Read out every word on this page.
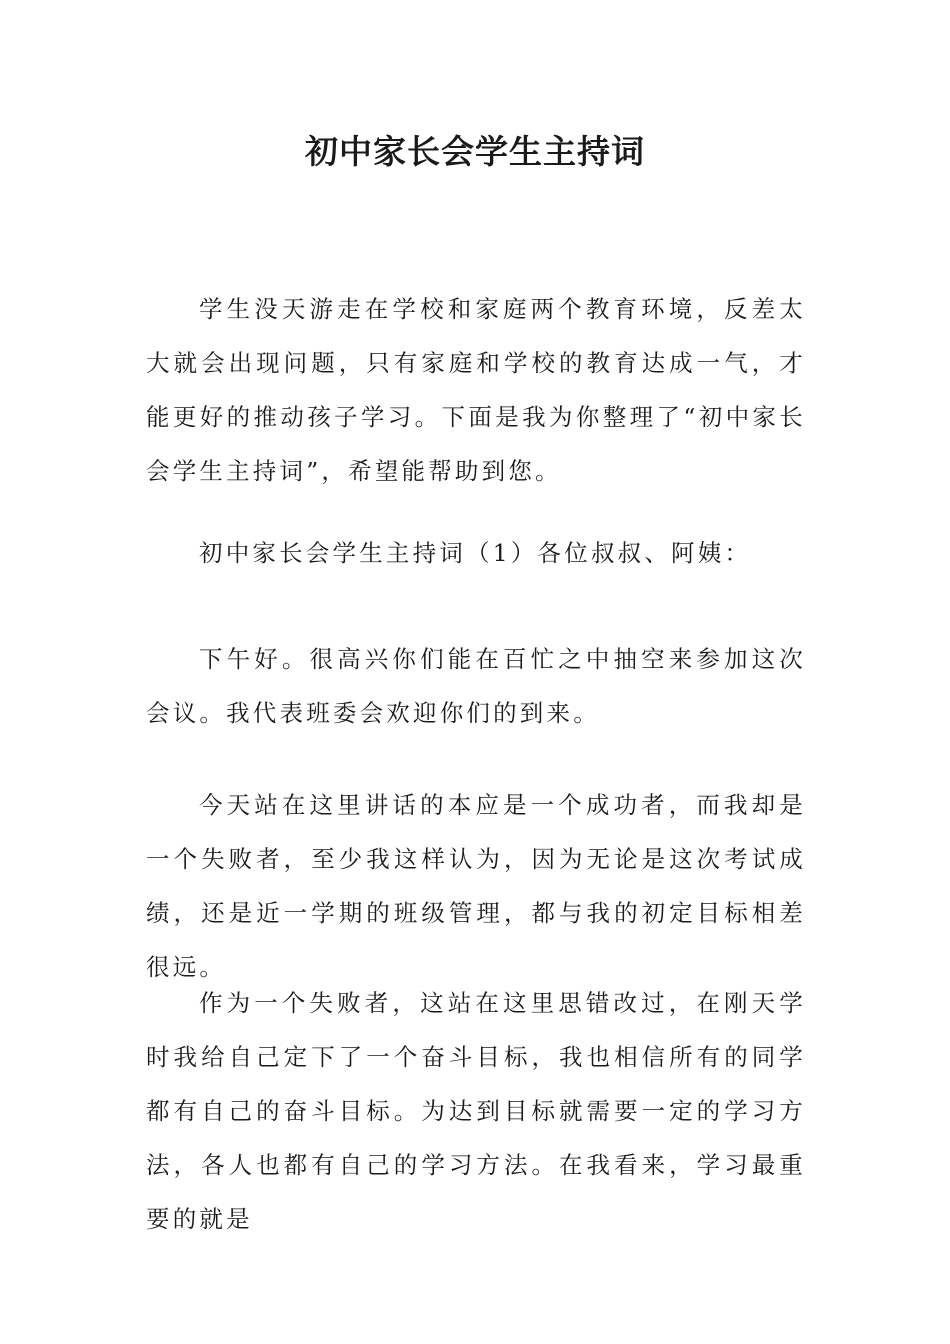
初中家长会学生主持词

学生没天游走在学校和家庭两个教育环境，反差太大就会出现问题，只有家庭和学校的教育达成一气，才能更好的推动孩子学习。下面是我为你整理了“初中家长会学生主持词”，希望能帮助到您。

初中家长会学生主持词（1）各位叔叔、阿姨：

下午好。很高兴你们能在百忙之中抽空来参加这次会议。我代表班委会欢迎你们的到来。

今天站在这里讲话的本应是一个成功者，而我却是一个失败者，至少我这样认为，因为无论是这次考试成绩，还是近一学期的班级管理，都与我的初定目标相差很远。

作为一个失败者，这站在这里思错改过，在刚天学时我给自己定下了一个奋斗目标，我也相信所有的同学都有自己的奋斗目标。为达到目标就需要一定的学习方法，各人也都有自己的学习方法。在我看来，学习最重要的就是
